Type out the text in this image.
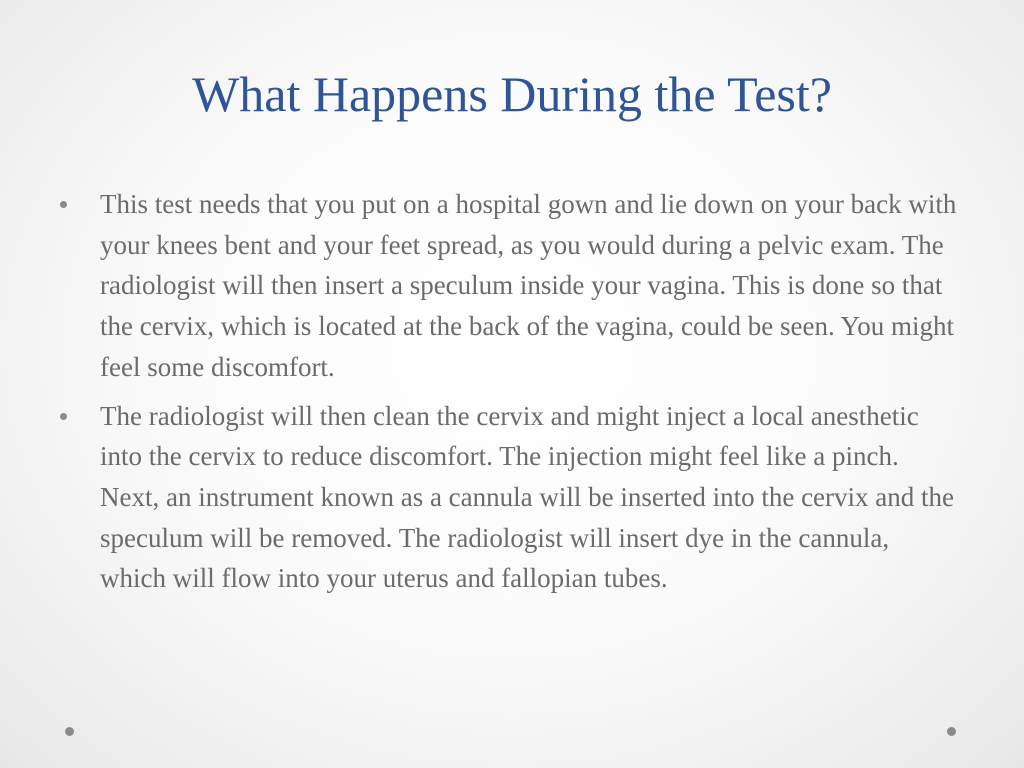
What Happens During the Test?
This test needs that you put on a hospital gown and lie down on your back with your knees bent and your feet spread, as you would during a pelvic exam. The radiologist will then insert a speculum inside your vagina. This is done so that the cervix, which is located at the back of the vagina, could be seen. You might feel some discomfort.
The radiologist will then clean the cervix and might inject a local anesthetic into the cervix to reduce discomfort. The injection might feel like a pinch. Next, an instrument known as a cannula will be inserted into the cervix and the speculum will be removed. The radiologist will insert dye in the cannula, which will flow into your uterus and fallopian tubes.
